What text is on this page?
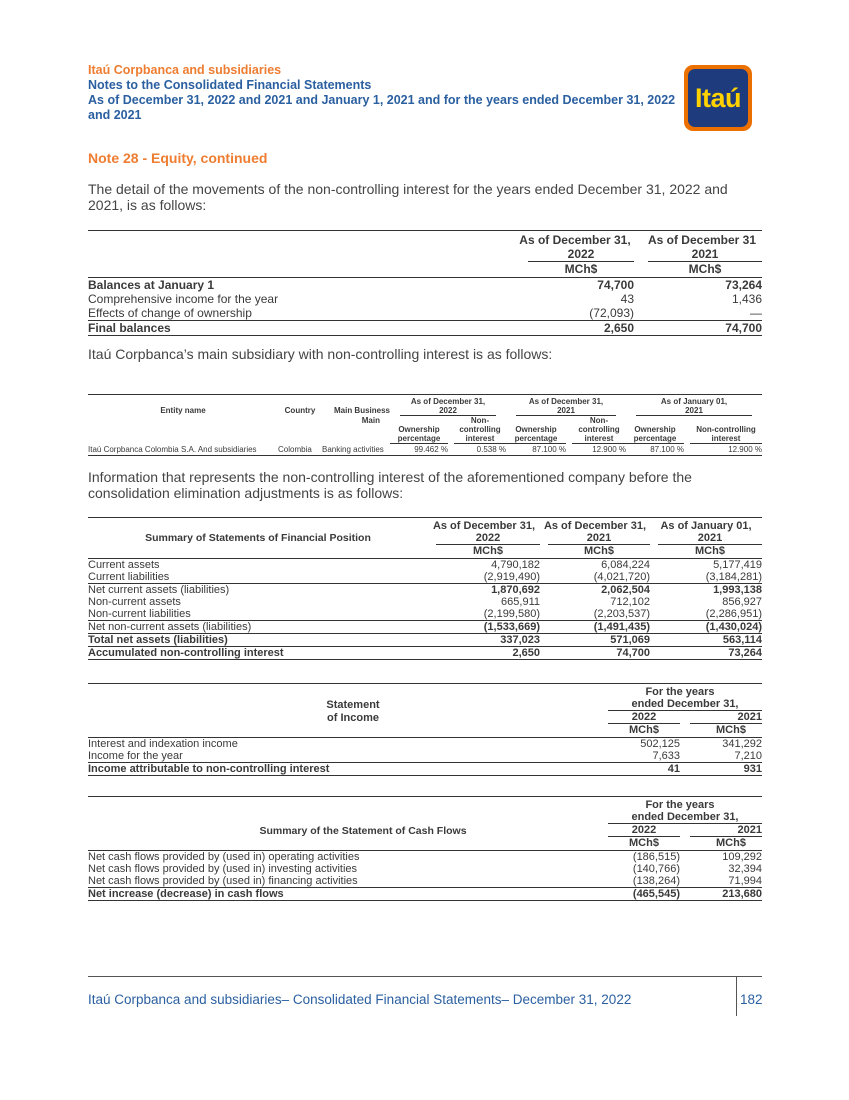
Itaú Corpbanca and subsidiaries
Notes to the Consolidated Financial Statements
As of December 31, 2022 and 2021 and January 1, 2021 and for the years ended December 31, 2022 and 2021
Itaú
Note 28 - Equity, continued
The detail of the movements of the non-controlling interest for the years ended December 31, 2022 and 2021, is as follows:

	As of December 31,	As of December 31

	2022	2021

	MCh$	MCh$
Balances at January 1	74,700	73,264
Comprehensive income for the year	43	1,436
Effects of change of ownership	(72,093)	—
Final balances	2,650	74,700
Itaú Corpbanca’s main subsidiary with non-controlling interest is as follows:

			As of December 31,		As of December 31,		As of January 01,	
Entity name	Country	Main Business	2022		2021		2021	

		Main	Ownership percentage	Non-controlling interest	Ownership percentage	Non-controlling interest	Ownership percentage	Non-controlling interest

Itaú Corpbanca Colombia S.A. And subsidiaries	Colombia	Banking activities	99.462 %	0.538 %	87.100 %	12.900 %	87.100 %	12.900 %
Information that represents the non-controlling interest of the aforementioned company before the consolidation elimination adjustments is as follows:

Summary of Statements of Financial Position	As of December 31,	As of December 31,	As of January 01,

	2022	2021	2021

	MCh$	MCh$	MCh$
Current assets	4,790,182	6,084,224	5,177,419
Current liabilities	(2,919,490)	(4,021,720)	(3,184,281)
Net current assets (liabilities)	1,870,692	2,062,504	1,993,138
Non-current assets	665,911	712,102	856,927
Non-current liabilities	(2,199,580)	(2,203,537)	(2,286,951)
Net non-current assets (liabilities)	(1,533,669)	(1,491,435)	(1,430,024)
Total net assets (liabilities)	337,023	571,069	563,114
Accumulated non-controlling interest	2,650	74,700	73,264

	For the years	
Statement	ended December 31,	

of Income	2022	2021

	MCh$	MCh$
Interest and indexation income	502,125	341,292
Income for the year	7,633	7,210
Income attributable to non-controlling interest	41	931

	For the years	

	ended December 31,	

Summary of the Statement of Cash Flows	2022	2021

	MCh$	MCh$
Net cash flows provided by (used in) operating activities	(186,515)	109,292
Net cash flows provided by (used in) investing activities	(140,766)	32,394
Net cash flows provided by (used in) financing activities	(138,264)	71,994
Net increase (decrease) in cash flows	(465,545)	213,680
Itaú Corpbanca and subsidiaries– Consolidated Financial Statements– December 31, 2022	182
